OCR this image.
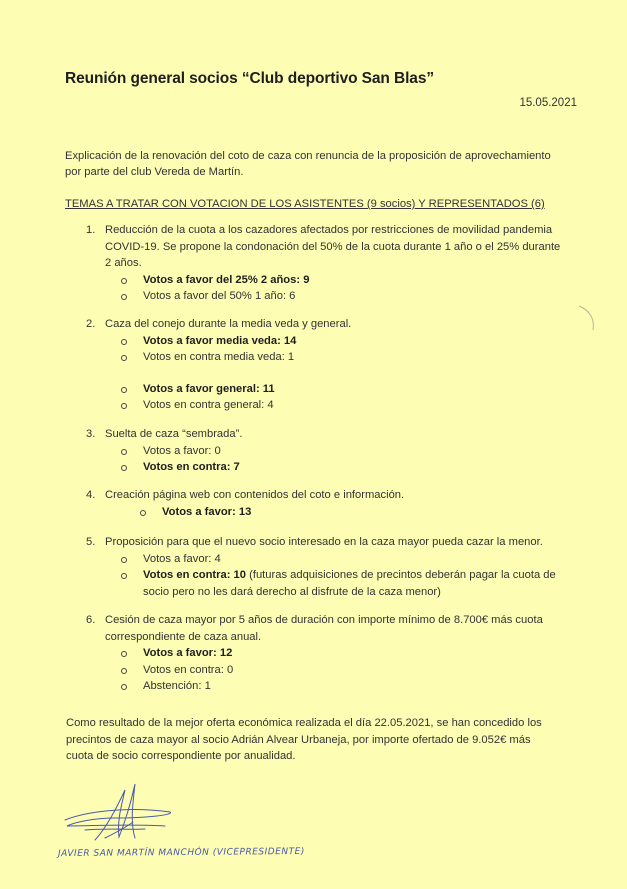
Reunión general socios “Club deportivo San Blas”
15.05.2021
Explicación de la renovación del coto de caza con renuncia de la proposición de aprovechamiento por parte del club Vereda de Martín.
TEMAS A TRATAR CON VOTACION DE LOS ASISTENTES (9 socios) Y REPRESENTADOS (6)
1. Reducción de la cuota a los cazadores afectados por restricciones de movilidad pandemia COVID-19. Se propone la condonación del 50% de la cuota durante 1 año o el 25% durante 2 años.
Votos a favor del 25% 2 años: 9
Votos a favor del 50% 1 año: 6
2. Caza del conejo durante la media veda y general.
Votos a favor media veda: 14
Votos en contra media veda: 1
Votos a favor general: 11
Votos en contra general: 4
3. Suelta de caza “sembrada”.
Votos a favor: 0
Votos en contra: 7
4. Creación página web con contenidos del coto e información.
Votos a favor: 13
5. Proposición para que el nuevo socio interesado en la caza mayor pueda cazar la menor.
Votos a favor: 4
Votos en contra: 10 (futuras adquisiciones de precintos deberán pagar la cuota de socio pero no les dará derecho al disfrute de la caza menor)
6. Cesión de caza mayor por 5 años de duración con importe mínimo de 8.700€ más cuota correspondiente de caza anual.
Votos a favor: 12
Votos en contra: 0
Abstención: 1
Como resultado de la mejor oferta económica realizada el día 22.05.2021, se han concedido los precintos de caza mayor al socio Adrián Alvear Urbaneja, por importe ofertado de 9.052€ más cuota de socio correspondiente por anualidad.
JAVIER SAN MARTÍN MANCHÓN (VICEPRESIDENTE)
